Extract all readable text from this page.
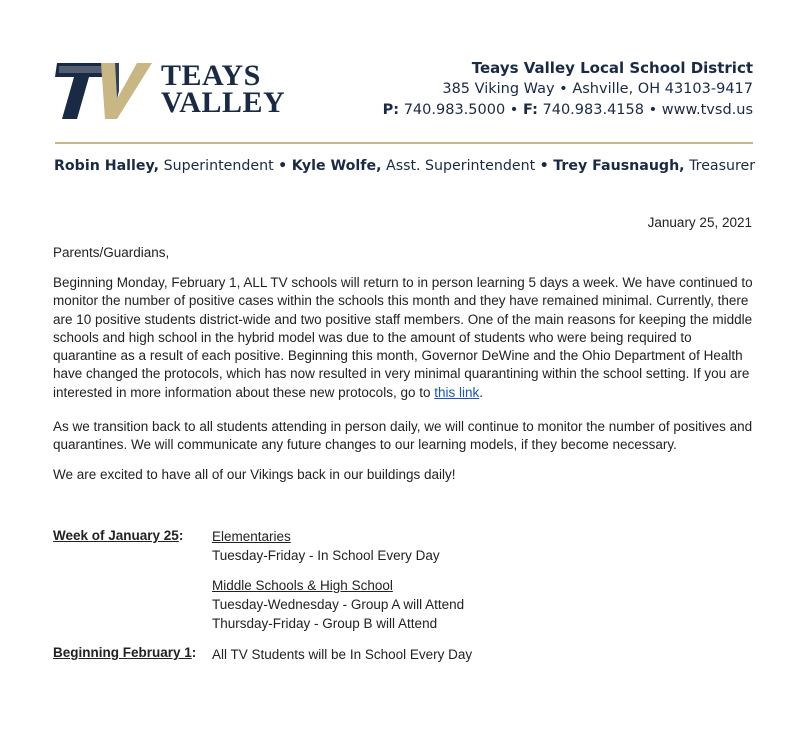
TEAYS
VALLEY
Teays Valley Local School District
385 Viking Way • Ashville, OH 43103-9417
P: 740.983.5000 • F: 740.983.4158 • www.tvsd.us
Robin Halley, Superintendent • Kyle Wolfe, Asst. Superintendent • Trey Fausnaugh, Treasurer
January 25, 2021

Parents/Guardians,

Beginning Monday, February 1, ALL TV schools will return to in person learning 5 days a week. We have continued to monitor the number of positive cases within the schools this month and they have remained minimal. Currently, there are 10 positive students district-wide and two positive staff members. One of the main reasons for keeping the middle schools and high school in the hybrid model was due to the amount of students who were being required to quarantine as a result of each positive. Beginning this month, Governor DeWine and the Ohio Department of Health have changed the protocols, which has now resulted in very minimal quarantining within the school setting. If you are interested in more information about these new protocols, go to this link.

As we transition back to all students attending in person daily, we will continue to monitor the number of positives and quarantines. We will communicate any future changes to our learning models, if they become necessary.

We are excited to have all of our Vikings back in our buildings daily!

Week of January 25: Elementaries
Tuesday-Friday - In School Every Day
Middle Schools & High School
Tuesday-Wednesday - Group A will Attend
Thursday-Friday - Group B will Attend
Beginning February 1: All TV Students will be In School Every Day
